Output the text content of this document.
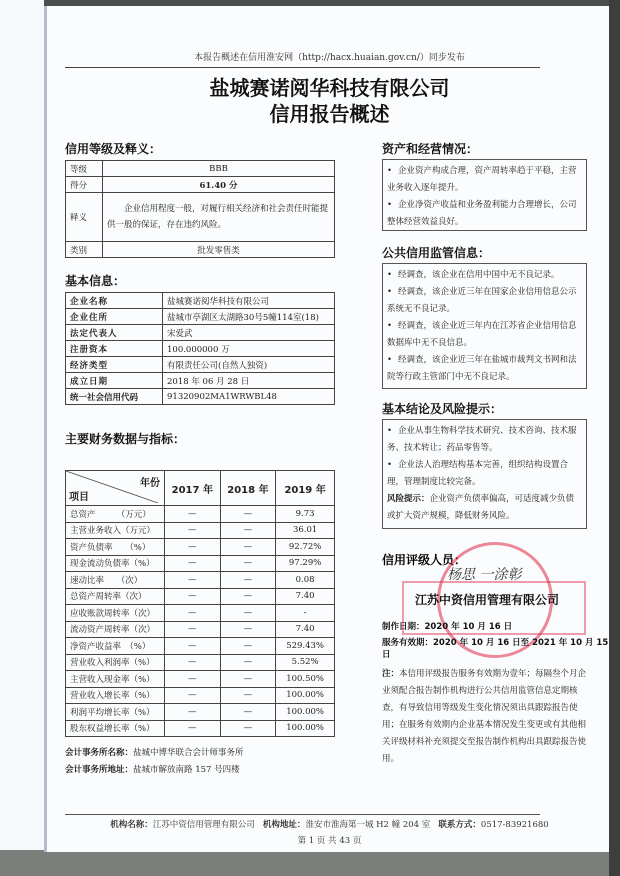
本报告概述在信用淮安网（http://hacx.huaian.gov.cn/）同步发布
盐城赛诺阅华科技有限公司
信用报告概述
信用等级及释义：
等级	BBB
得分	61.40 分
释义	企业信用程度一般，对履行相关经济和社会责任时能提供一般的保证，存在违约风险。
类别	批发零售类
基本信息：
企业名称	盐城赛诺阅华科技有限公司
企业住所	盐城市亭湖区太湖路30号5幢114室(18)
法定代表人	宋爱武
注册资本	100.000000 万
经济类型	有限责任公司(自然人独资)
成立日期	2018 年 06 月 28 日
统一社会信用代码	91320902MA1WRWBL48
主要财务数据与指标：
年份
项目	2017 年	2018 年	2019 年
总资产　　　（万元）	—	—	9.73
主营业务收入（万元）	—	—	36.01
资产负债率　　（%）	—	—	92.72%
现金流动负债率（%）	—	—	97.29%
速动比率　　（次）	—	—	0.08
总资产周转率（次）	—	—	7.40
应收账款周转率（次）	—	—	-
流动资产周转率（次）	—	—	7.40
净资产收益率　（%）	—	—	529.43%
营业收入利润率（%）	—	—	5.52%
主营收入现金率（%）	—	—	100.50%
营业收入增长率（%）	—	—	100.00%
利润平均增长率（%）	—	—	100.00%
股东权益增长率（%）	—	—	100.00%
会计事务所名称：盐城中博华联合会计师事务所
会计事务所地址：盐城市解放南路 157 号四楼
资产和经营情况：

• 企业资产构成合理，资产周转率趋于平稳，主营业务收入逐年提升。

• 企业净资产收益和业务盈利能力合理增长，公司整体经营效益良好。

公共信用监管信息：

• 经调查，该企业在信用中国中无不良记录。

• 经调查，该企业近三年在国家企业信用信息公示系统无不良记录。

• 经调查，该企业近三年内在江苏省企业信用信息数据库中无不良信息。

• 经调查，该企业近三年在盐城市裁判文书网和法院等行政主管部门中无不良记录。

基本结论及风险提示：

• 企业从事生物科学技术研究、技术咨询、技术服务、技术转让；药品零售等。

• 企业法人治理结构基本完善，组织结构设置合理，管理制度比较完备。

风险提示：企业资产负债率偏高，可适度减少负债或扩大资产规模，降低财务风险。

信用评级人员：
杨思 一涂彰
江苏中资信用管理有限公司
制作日期：2020 年 10 月 16 日
服务有效期：2020 年 10 月 16 日至 2021 年 10 月 15 日
注：本信用评级报告服务有效期为壹年；每隔叁个月企业须配合报告制作机构进行公共信用监管信息定期核查，有导致信用等级发生变化情况须出具跟踪报告使用；在服务有效期内企业基本情况发生变更或有其他相关评级材料补充须提交至报告制作机构出具跟踪报告使用。
机构名称：江苏中资信用管理有限公司 机构地址：淮安市淮海第一城 H2 幢 204 室 联系方式：0517-83921680
第 1 页 共 43 页
